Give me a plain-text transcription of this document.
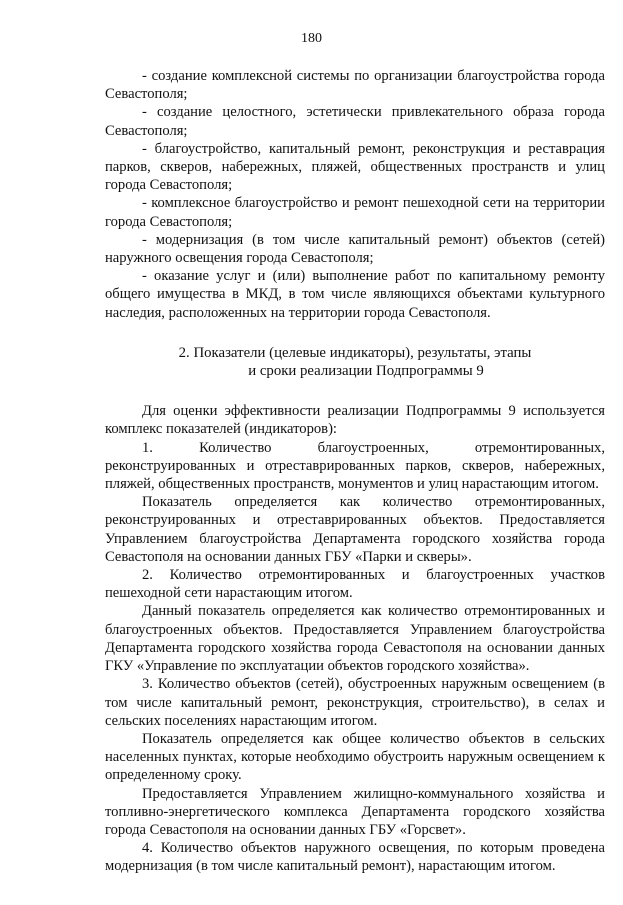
180

- создание комплексной системы по организации благоустройства города Севастополя;

- создание целостного, эстетически привлекательного образа города Севастополя;

- благоустройство, капитальный ремонт, реконструкция и реставрация парков, скверов, набережных, пляжей, общественных пространств и улиц города Севастополя;

- комплексное благоустройство и ремонт пешеходной сети на территории города Севастополя;

- модернизация (в том числе капитальный ремонт) объектов (сетей) наружного освещения города Севастополя;

- оказание услуг и (или) выполнение работ по капитальному ремонту общего имущества в МКД, в том числе являющихся объектами культурного наследия, расположенных на территории города Севастополя.

2. Показатели (целевые индикаторы), результаты, этапы
и сроки реализации Подпрограммы 9

Для оценки эффективности реализации Подпрограммы 9 используется комплекс показателей (индикаторов):

1. Количество благоустроенных, отремонтированных, реконструированных и отреставрированных парков, скверов, набережных, пляжей, общественных пространств, монументов и улиц нарастающим итогом.

Показатель определяется как количество отремонтированных, реконструированных и отреставрированных объектов. Предоставляется Управлением благоустройства Департамента городского хозяйства города Севастополя на основании данных ГБУ «Парки и скверы».

2. Количество отремонтированных и благоустроенных участков пешеходной сети нарастающим итогом.

Данный показатель определяется как количество отремонтированных и благоустроенных объектов. Предоставляется Управлением благоустройства Департамента городского хозяйства города Севастополя на основании данных ГКУ «Управление по эксплуатации объектов городского хозяйства».

3. Количество объектов (сетей), обустроенных наружным освещением (в том числе капитальный ремонт, реконструкция, строительство), в селах и сельских поселениях нарастающим итогом.

Показатель определяется как общее количество объектов в сельских населенных пунктах, которые необходимо обустроить наружным освещением к определенному сроку.

Предоставляется Управлением жилищно-коммунального хозяйства и топливно-энергетического комплекса Департамента городского хозяйства города Севастополя на основании данных ГБУ «Горсвет».

4. Количество объектов наружного освещения, по которым проведена модернизация (в том числе капитальный ремонт), нарастающим итогом.
